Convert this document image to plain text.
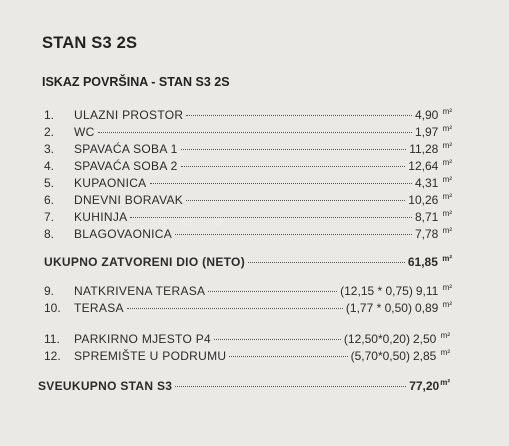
STAN S3 2S
ISKAZ POVRŠINA - STAN S3 2S
1.	ULAZNI PROSTOR	4,90 $^{m^2}$
2.	WC	1,97 $^{m^2}$
3.	SPAVAĆA SOBA 1	11,28 $^{m^2}$
4.	SPAVAĆA SOBA 2	12,64 $^{m^2}$
5.	KUPAONICA	4,31 $^{m^2}$
6.	DNEVNI BORAVAK	10,26 $^{m^2}$
7.	KUHINJA	8,71 $^{m^2}$
8.	BLAGOVAONICA	7,78 $^{m^2}$
◦ ◦ ◦
UKUPNO ZATVORENI DIO (NETO)	61,85 $^{m^2}$
9.	NATKRIVENA TERASA	(12,15 * 0,75) 9,11 $^{m^2}$
10.	TERASA	(1,77 * 0,50) 0,89 $^{m^2}$
11.	PARKIRNO MJESTO P4	(12,50*0,20) 2,50 $^{m^2}$
12.	SPREMIŠTE U PODRUMU	(5,70*0,50) 2,85 $^{m^2}$
SVEUKUPNO STAN S3	$77,20^{m^2}$
